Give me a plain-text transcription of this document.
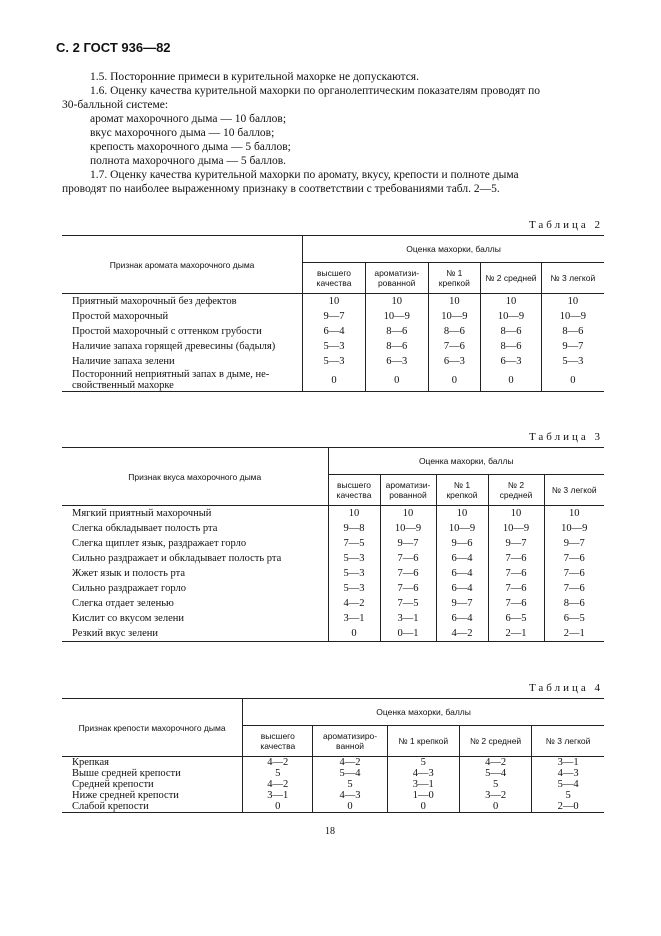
С. 2 ГОСТ 936—82

1.5. Посторонние примеси в курительной махорке не допускаются.

1.6. Оценку качества курительной махорки по органолептическим показателям проводят по

30-балльной системе:

аромат махорочного дыма — 10 баллов;

вкус махорочного дыма — 10 баллов;

крепость махорочного дыма — 5 баллов;

полнота махорочного дыма — 5 баллов.

1.7. Оценку качества курительной махорки по аромату, вкусу, крепости и полноте дыма

проводят по наиболее выраженному признаку в соответствии с требованиями табл. 2—5.

Таблица 2
Признак аромата махорочного дыма	Оценка махорки, баллы				
	высшего качества	ароматизи-рованной	№ 1 крепкой	№ 2 средней	№ 3 легкой
Приятный махорочный без дефектов	10	10	10	10	10
Простой махорочный	9—7	10—9	10—9	10—9	10—9
Простой махорочный с оттенком грубости	6—4	8—6	8—6	8—6	8—6
Наличие запаха горящей древесины (бадыля)	5—3	8—6	7—6	8—6	9—7
Наличие запаха зелени	5—3	6—3	6—3	6—3	5—3
Посторонний неприятный запах в дыме, не-свойственный махорке	0	0	0	0	0
Таблица 3
Признак вкуса махорочного дыма	Оценка махорки, баллы				
	высшего качества	ароматизи-рованной	№ 1 крепкой	№ 2 средней	№ 3 легкой
Мягкий приятный махорочный	10	10	10	10	10
Слегка обкладывает полость рта	9—8	10—9	10—9	10—9	10—9
Слегка щиплет язык, раздражает горло	7—5	9—7	9—6	9—7	9—7
Сильно раздражает и обкладывает полость рта	5—3	7—6	6—4	7—6	7—6
Жжет язык и полость рта	5—3	7—6	6—4	7—6	7—6
Сильно раздражает горло	5—3	7—6	6—4	7—6	7—6
Слегка отдает зеленью	4—2	7—5	9—7	7—6	8—6
Кислит со вкусом зелени	3—1	3—1	6—4	6—5	6—5
Резкий вкус зелени	0	0—1	4—2	2—1	2—1
Таблица 4
Признак крепости махорочного дыма	Оценка махорки, баллы				
	высшего качества	ароматизиро-ванной	№ 1 крепкой	№ 2 средней	№ 3 легкой
Крепкая	4—2	4—2	5	4—2	3—1
Выше средней крепости	5	5—4	4—3	5—4	4—3
Средней крепости	4—2	5	3—1	5	5—4
Ниже средней крепости	3—1	4—3	1—0	3—2	5
Слабой крепости	0	0	0	0	2—0
18
